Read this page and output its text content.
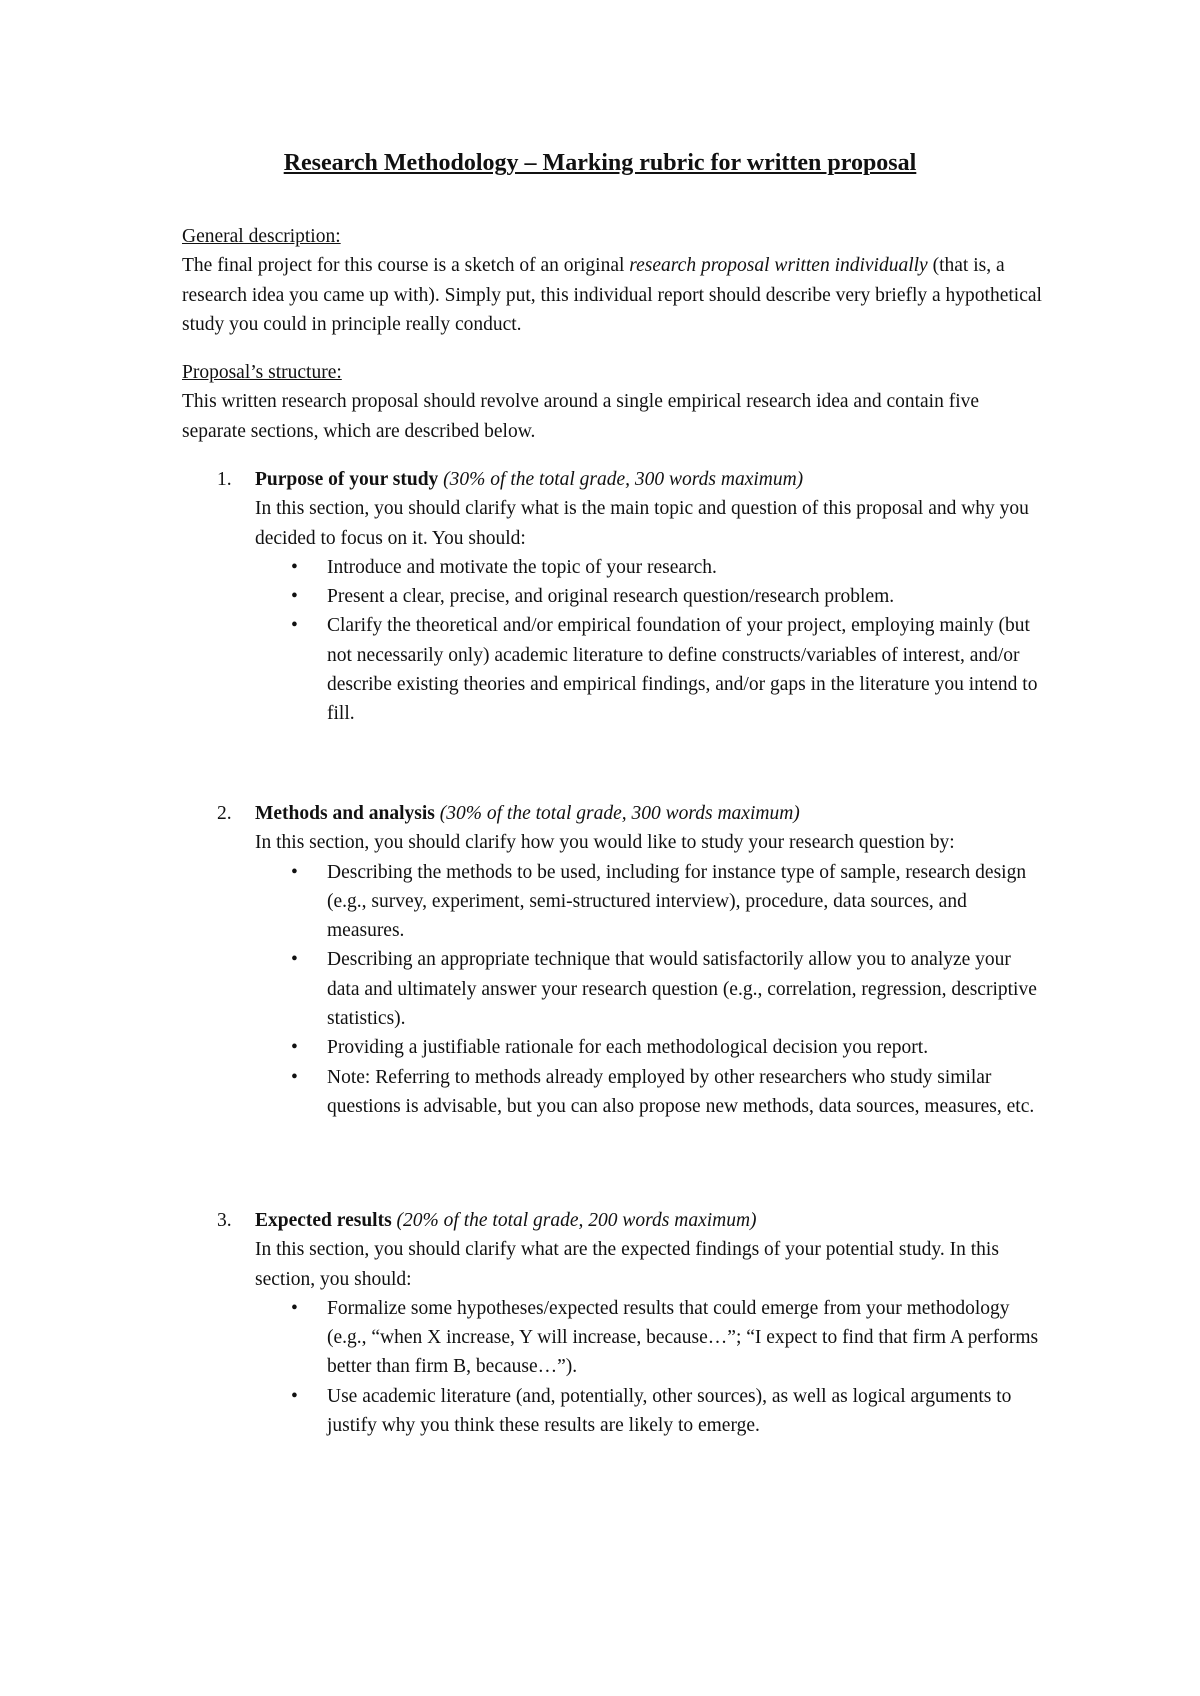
Research Methodology – Marking rubric for written proposal
General description:
The final project for this course is a sketch of an original research proposal written individually (that is, a research idea you came up with). Simply put, this individual report should describe very briefly a hypothetical study you could in principle really conduct.
Proposal’s structure:
This written research proposal should revolve around a single empirical research idea and contain five separate sections, which are described below.
1.	Purpose of your study (30% of the total grade, 300 words maximum)
In this section, you should clarify what is the main topic and question of this proposal and why you decided to focus on it. You should:
• Introduce and motivate the topic of your research.
• Present a clear, precise, and original research question/research problem.
• Clarify the theoretical and/or empirical foundation of your project, employing mainly (but not necessarily only) academic literature to define constructs/variables of interest, and/or describe existing theories and empirical findings, and/or gaps in the literature you intend to fill.
2.	Methods and analysis (30% of the total grade, 300 words maximum)
In this section, you should clarify how you would like to study your research question by:
• Describing the methods to be used, including for instance type of sample, research design (e.g., survey, experiment, semi-structured interview), procedure, data sources, and measures.
• Describing an appropriate technique that would satisfactorily allow you to analyze your data and ultimately answer your research question (e.g., correlation, regression, descriptive statistics).
• Providing a justifiable rationale for each methodological decision you report.
• Note: Referring to methods already employed by other researchers who study similar questions is advisable, but you can also propose new methods, data sources, measures, etc.
3.	Expected results (20% of the total grade, 200 words maximum)
In this section, you should clarify what are the expected findings of your potential study. In this section, you should:
• Formalize some hypotheses/expected results that could emerge from your methodology (e.g., “when X increase, Y will increase, because…”; “I expect to find that firm A performs better than firm B, because…”).
• Use academic literature (and, potentially, other sources), as well as logical arguments to justify why you think these results are likely to emerge.
